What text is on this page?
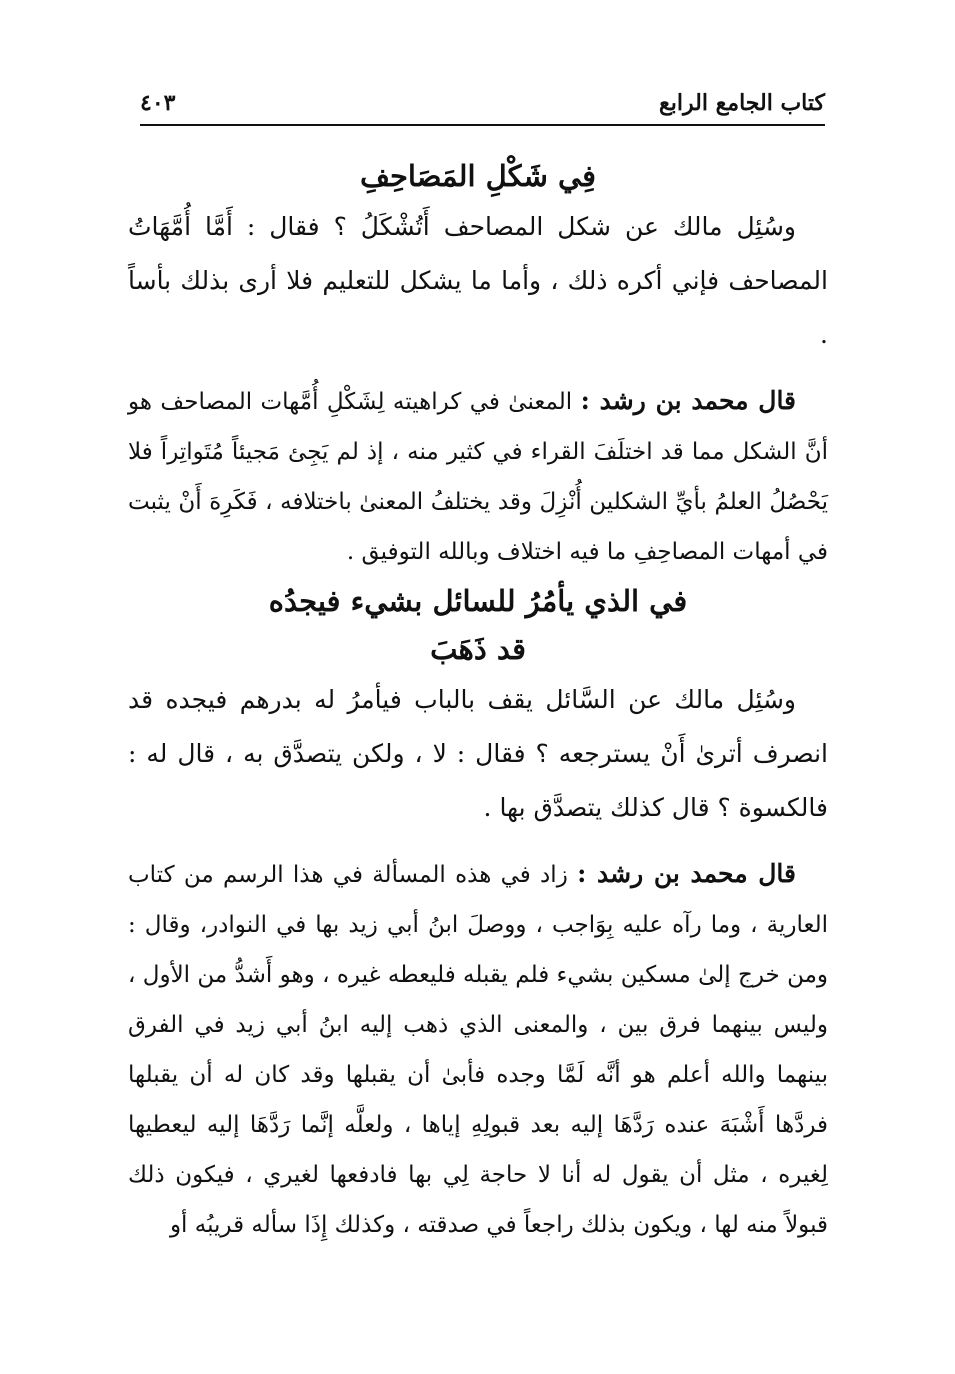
كتاب الجامع الرابع
٤٠٣
فِي شَكْلِ المَصَاحِفِ

وسُئِل مالك عن شكل المصاحف أَتُشْكَلُ ؟ فقال : أَمَّا أُمَّهَاتُ المصاحف فإني أكره ذلك ، وأما ما يشكل للتعليم فلا أرى بذلك بأساً .

قال محمد بن رشد : المعنىٰ في كراهيته لِشَكْلِ أُمَّهات المصاحف هو أنَّ الشكل مما قد اختلَفَ القراء في كثير منه ، إذ لم يَجِئ مَجيئاً مُتَواتِراً فلا يَحْصُلُ العلمُ بأيِّ الشكلين أُنْزِلَ وقد يختلفُ المعنىٰ باختلافه ، فَكَرِهَ أَنْ يثبت في أمهات المصاحِفِ ما فيه اختلاف وبالله التوفيق .

في الذي يأمُرُ للسائل بشيء فيجدُه
قد ذَهَبَ

وسُئِل مالك عن السَّائل يقف بالباب فيأمرُ له بدرهم فيجده قد انصرف أترىٰ أَنْ يسترجعه ؟ فقال : لا ، ولكن يتصدَّق به ، قال له : فالكسوة ؟ قال كذلك يتصدَّق بها .

قال محمد بن رشد : زاد في هذه المسألة في هذا الرسم من كتاب العارية ، وما رآه عليه بِوَاجب ، ووصلَ ابنُ أبي زيد بها في النوادر، وقال : ومن خرج إلىٰ مسكين بشيء فلم يقبله فليعطه غيره ، وهو أَشدُّ من الأول ، وليس بينهما فرق بين ، والمعنى الذي ذهب إليه ابنُ أبي زيد في الفرق بينهما والله أعلم هو أنَّه لَمَّا وجده فأبىٰ أن يقبلها وقد كان له أن يقبلها فردَّها أَشْبَهَ عنده رَدَّهَا إليه بعد قبولِهِ إياها ، ولعلَّه إنَّما رَدَّهَا إليه ليعطيها لِغيره ، مثل أن يقول له أنا لا حاجة لِي بها فادفعها لغيري ، فيكون ذلك قبولاً منه لها ، ويكون بذلك راجعاً في صدقته ، وكذلك إِذَا سأله قريبُه أو
